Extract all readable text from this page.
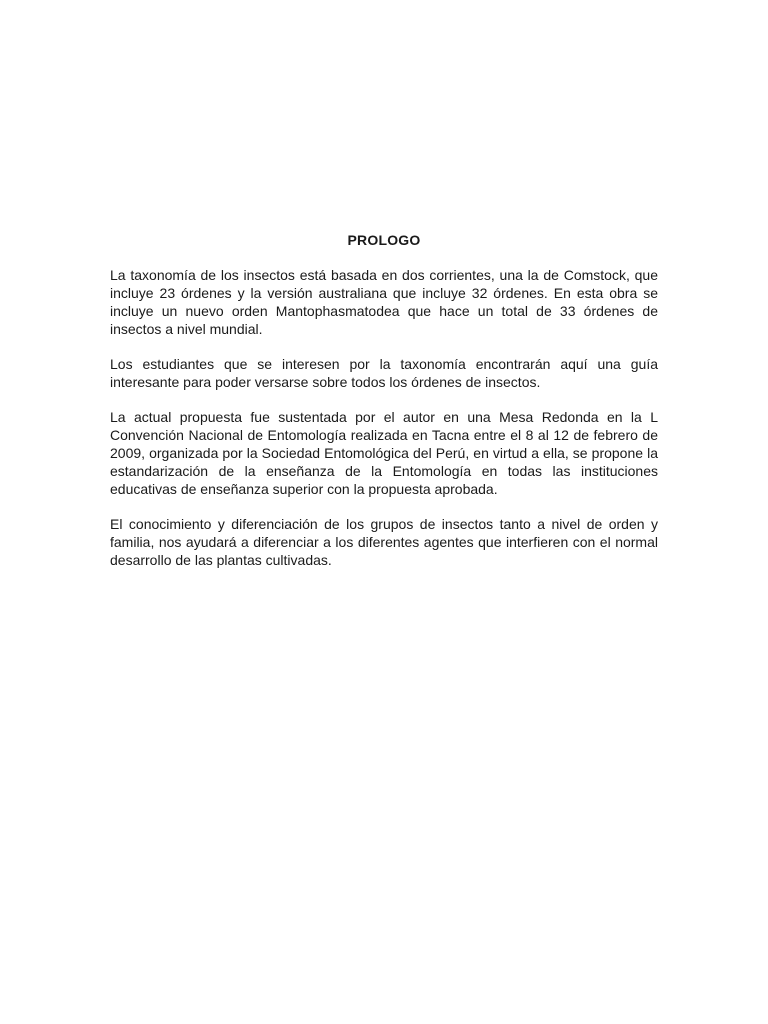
PROLOGO

La taxonomía de los insectos está basada en dos corrientes, una la de Comstock, que incluye 23 órdenes y la versión australiana que incluye 32 órdenes. En esta obra se incluye un nuevo orden Mantophasmatodea que hace un total de 33 órdenes de insectos a nivel mundial.

Los estudiantes que se interesen por la taxonomía encontrarán aquí una guía interesante para poder versarse sobre todos los órdenes de insectos.

La actual propuesta fue sustentada por el autor en una Mesa Redonda en la L Convención Nacional de Entomología realizada en Tacna entre el 8 al 12 de febrero de 2009, organizada por la Sociedad Entomológica del Perú, en virtud a ella, se propone la estandarización de la enseñanza de la Entomología en todas las instituciones educativas de enseñanza superior con la propuesta aprobada.

El conocimiento y diferenciación de los grupos de insectos tanto a nivel de orden y familia, nos ayudará a diferenciar a los diferentes agentes que interfieren con el normal desarrollo de las plantas cultivadas.
